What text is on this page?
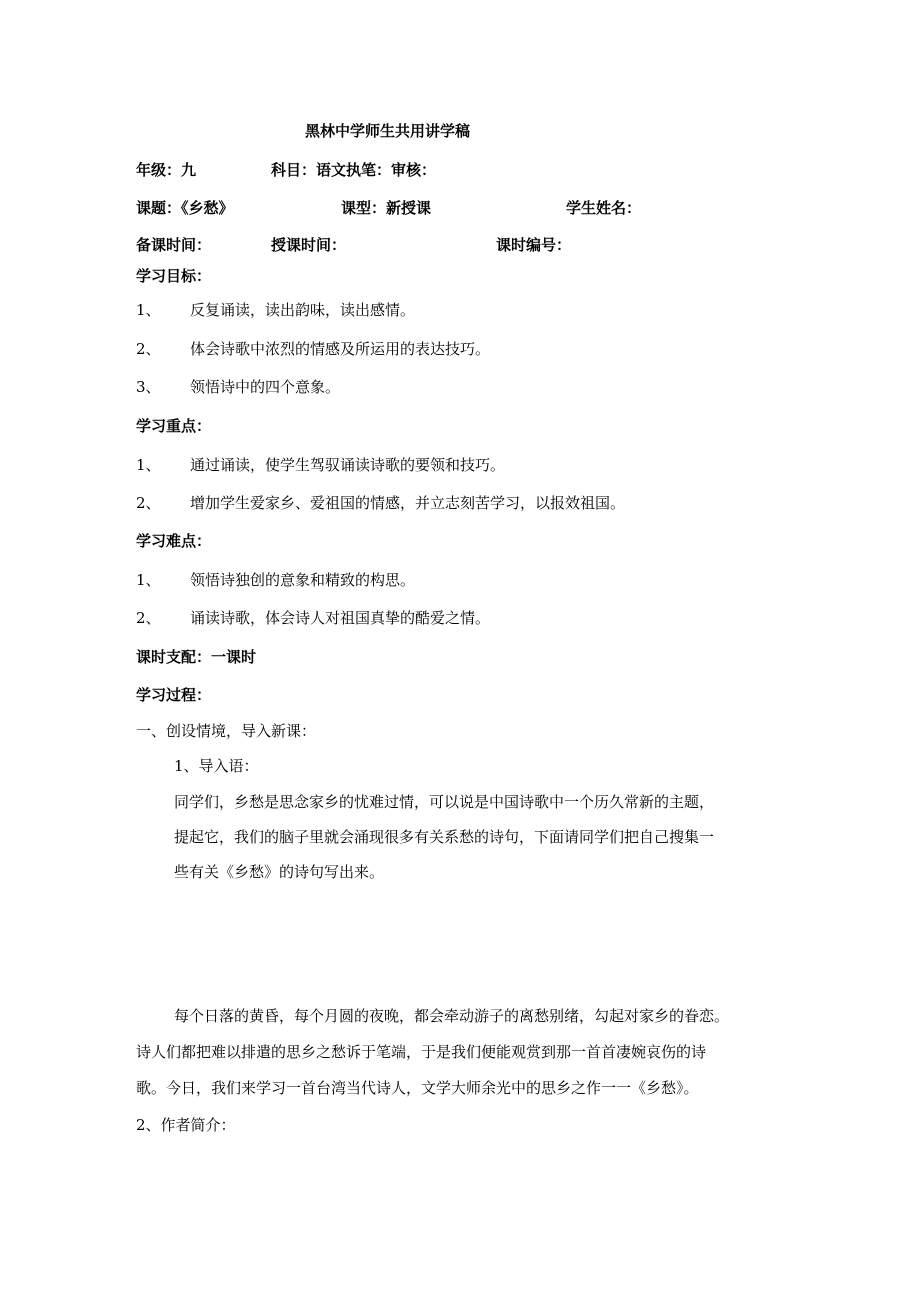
黑林中学师生共用讲学稿
年级：九	科目：语文执笔：审核：
课题：《乡愁》	课型：新授课	学生姓名：
备课时间：	授课时间：	课时编号：
学习目标：
1、 反复诵读，读出韵味，读出感情。
2、 体会诗歌中浓烈的情感及所运用的表达技巧。
3、 领悟诗中的四个意象。
学习重点：
1、 通过诵读，使学生驾驭诵读诗歌的要领和技巧。
2、 增加学生爱家乡、爱祖国的情感，并立志刻苦学习，以报效祖国。
学习难点：
1、 领悟诗独创的意象和精致的构思。
2、 诵读诗歌，体会诗人对祖国真挚的酷爱之情。
课时支配：一课时
学习过程：
一、创设情境，导入新课：
1、导入语：
同学们，乡愁是思念家乡的忧难过情，可以说是中国诗歌中一个历久常新的主题，
提起它，我们的脑子里就会涌现很多有关系愁的诗句，下面请同学们把自己搜集一
些有关《乡愁》的诗句写出来。
每个日落的黄昏，每个月圆的夜晚，都会牵动游子的离愁别绪，勾起对家乡的眷恋。
诗人们都把难以排遣的思乡之愁诉于笔端，于是我们便能观赏到那一首首凄婉哀伤的诗
歌。今日，我们来学习一首台湾当代诗人，文学大师余光中的思乡之作一一《乡愁》。
2、作者简介：
